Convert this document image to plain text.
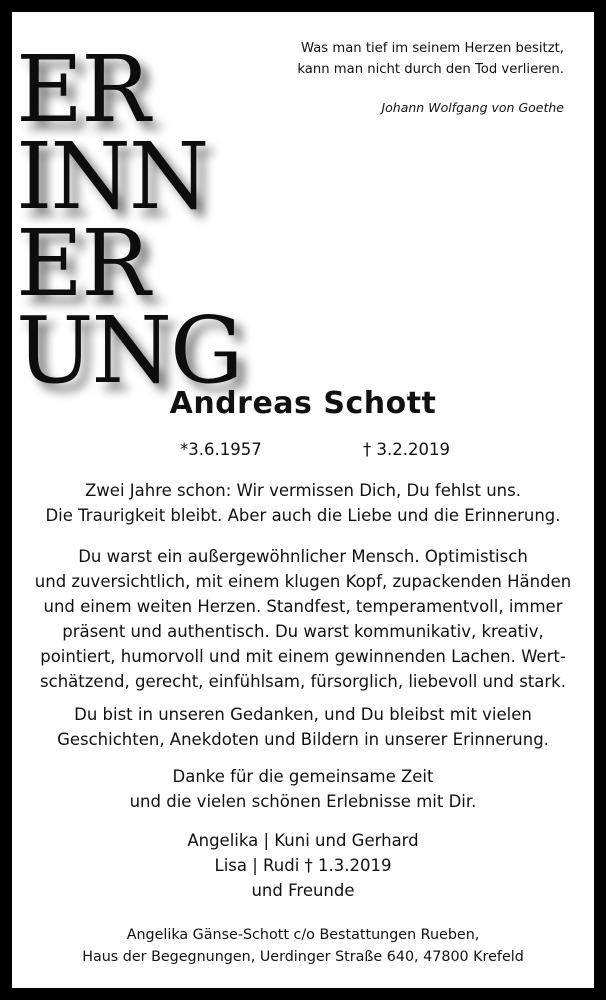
Was man tief im seinem Herzen besitzt,
kann man nicht durch den Tod verlieren.
Johann Wolfgang von Goethe
ER
INN
ER
UNG
Andreas Schott
*3.6.1957	† 3.2.2019
Zwei Jahre schon: Wir vermissen Dich, Du fehlst uns.
Die Traurigkeit bleibt. Aber auch die Liebe und die Erinnerung.
Du warst ein außergewöhnlicher Mensch. Optimistisch
und zuversichtlich, mit einem klugen Kopf, zupackenden Händen
und einem weiten Herzen. Standfest, temperamentvoll, immer
präsent und authentisch. Du warst kommunikativ, kreativ,
pointiert, humorvoll und mit einem gewinnenden Lachen. Wert-
schätzend, gerecht, einfühlsam, fürsorglich, liebevoll und stark.
Du bist in unseren Gedanken, und Du bleibst mit vielen
Geschichten, Anekdoten und Bildern in unserer Erinnerung.
Danke für die gemeinsame Zeit
und die vielen schönen Erlebnisse mit Dir.
Angelika | Kuni und Gerhard
Lisa | Rudi † 1.3.2019
und Freunde
Angelika Gänse-Schott c/o Bestattungen Rueben,
Haus der Begegnungen, Uerdinger Straße 640, 47800 Krefeld
